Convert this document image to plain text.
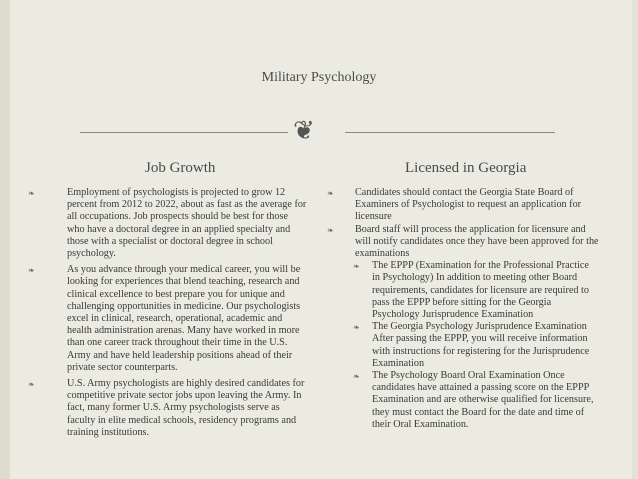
Military Psychology
❦
Job Growth	Licensed in Georgia
❧	Employment of psychologists is projected to grow 12 percent from 2012 to 2022, about as fast as the average for all occupations. Job prospects should be best for those who have a doctoral degree in an applied specialty and those with a specialist or doctoral degree in school psychology.
❧	As you advance through your medical career, you will be looking for experiences that blend teaching, research and clinical excellence to best prepare you for unique and challenging opportunities in medicine. Our psychologists excel in clinical, research, operational, academic and health administration arenas. Many have worked in more than one career track throughout their time in the U.S. Army and have held leadership positions ahead of their private sector counterparts.
❧	U.S. Army psychologists are highly desired candidates for competitive private sector jobs upon leaving the Army. In fact, many former U.S. Army psychologists serve as faculty in elite medical schools, residency programs and training institutions.
❧ Candidates should contact the Georgia State Board of Examiners of Psychologist to request an application for licensure
❧ Board staff will process the application for licensure and will notify candidates once they have been approved for the examinations
❧ The EPPP (Examination for the Professional Practice in Psychology) In addition to meeting other Board requirements, candidates for licensure are required to pass the EPPP before sitting for the Georgia Psychology Jurisprudence Examination
❧ The Georgia Psychology Jurisprudence Examination After passing the EPPP, you will receive information with instructions for registering for the Jurisprudence Examination
❧ The Psychology Board Oral Examination Once candidates have attained a passing score on the EPPP Examination and are otherwise qualified for licensure, they must contact the Board for the date and time of their Oral Examination.
